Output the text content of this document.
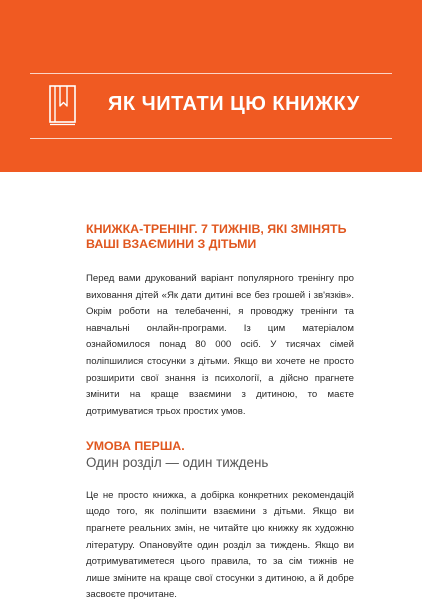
ЯК ЧИТАТИ ЦЮ КНИЖКУ
КНИЖКА-ТРЕНІНГ. 7 ТИЖНІВ, ЯКІ ЗМІНЯТЬ
ВАШІ ВЗАЄМИНИ З ДІТЬМИ

Перед вами друкований варіант популярного тренінгу про виховання дітей «Як дати дитині все без грошей і зв'язків». Окрім роботи на телебаченні, я проводжу тренінги та навчальні онлайн-програми. Із цим матеріалом ознайомилося понад 80 000 осіб. У тисячах сімей поліпшилися стосунки з дітьми. Якщо ви хочете не просто розширити свої знання із психології, а дійсно прагнете змінити на краще взаємини з дитиною, то маєте дотримуватися трьох простих умов.

УМОВА ПЕРША.

Один розділ — один тиждень

Це не просто книжка, а добірка конкретних рекомендацій щодо того, як поліпшити взаємини з дітьми. Якщо ви прагнете реальних змін, не читайте цю книжку як художню літературу. Опановуйте один розділ за тиждень. Якщо ви дотримуватиметеся цього правила, то за сім тижнів не лише зміните на краще свої стосунки з дитиною, а й добре засвоєте прочитане.
